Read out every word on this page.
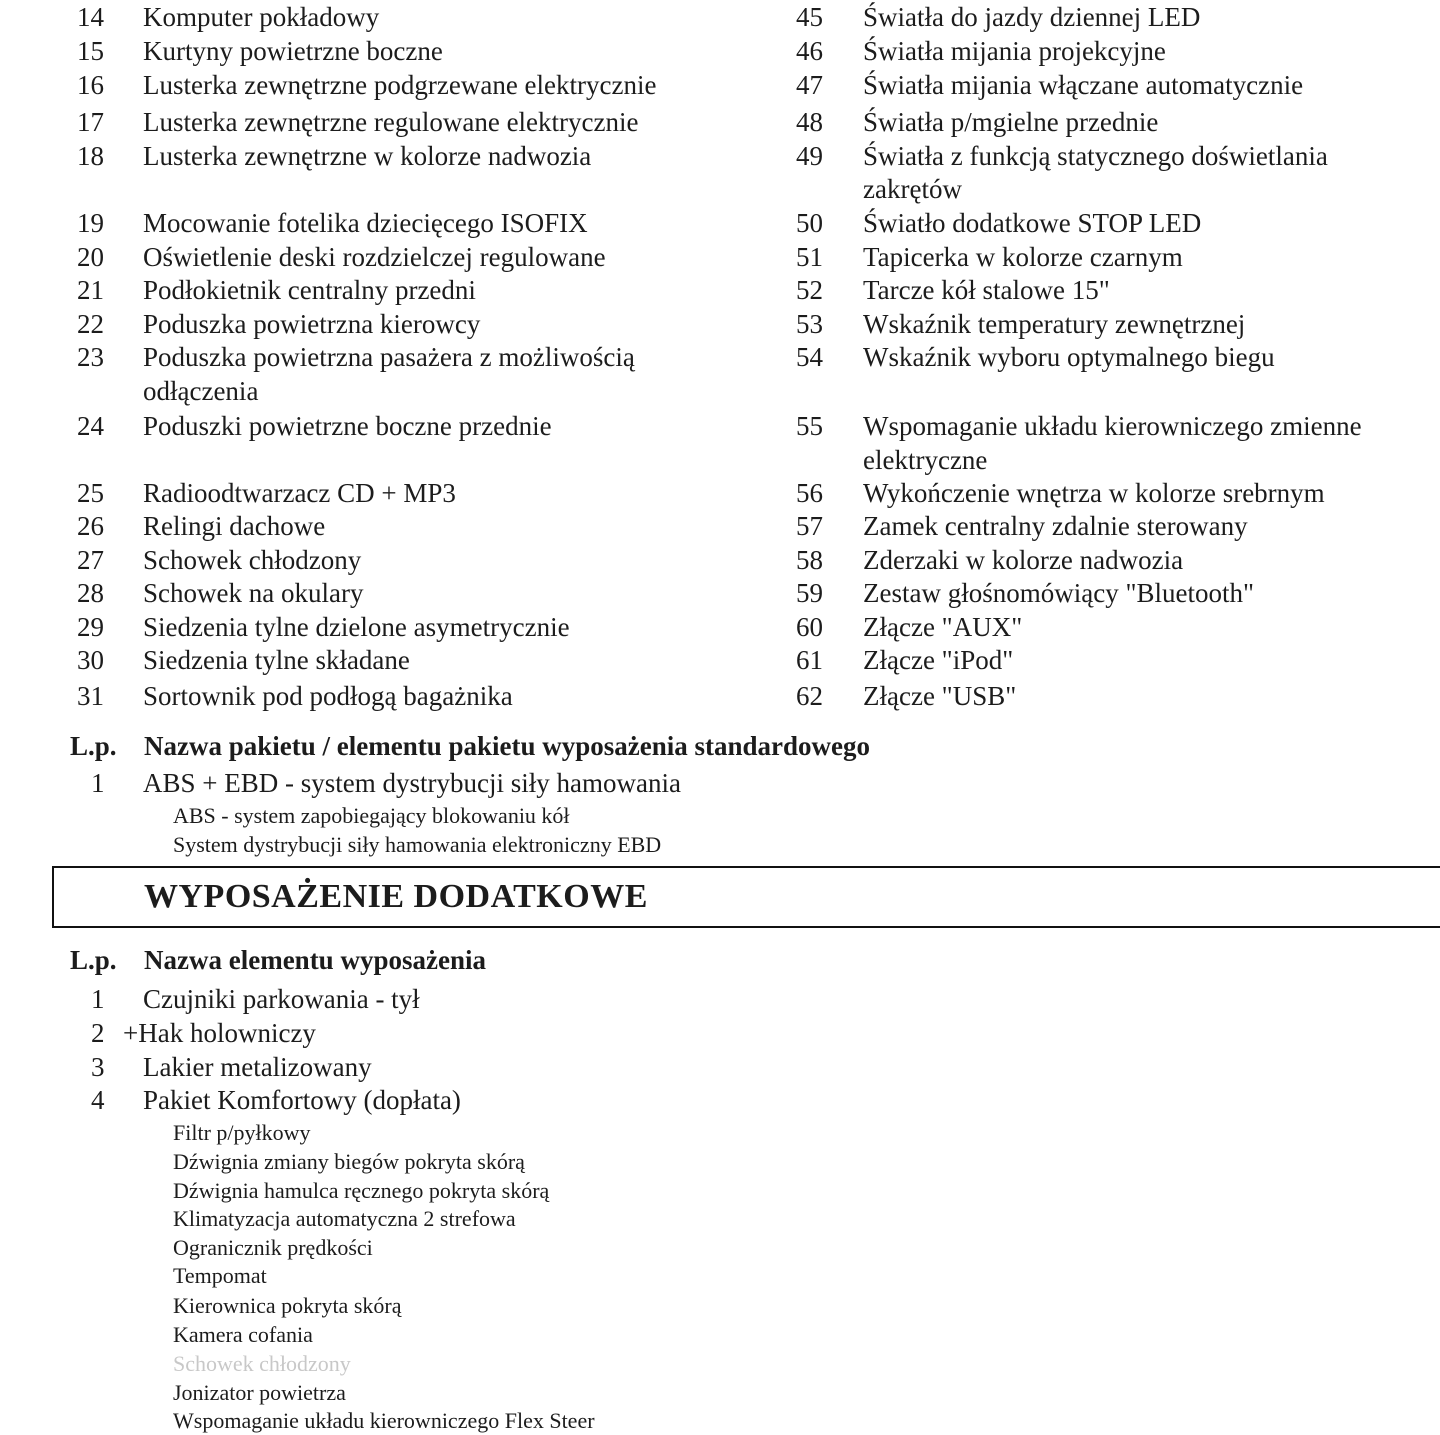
14 Komputer pokładowy
15 Kurtyny powietrzne boczne
16 Lusterka zewnętrzne podgrzewane elektrycznie
17 Lusterka zewnętrzne regulowane elektrycznie
18 Lusterka zewnętrzne w kolorze nadwozia
19 Mocowanie fotelika dziecięcego ISOFIX
20 Oświetlenie deski rozdzielczej regulowane
21 Podłokietnik centralny przedni
22 Poduszka powietrzna kierowcy
23 Poduszka powietrzna pasażera z możliwością
odłączenia
24 Poduszki powietrzne boczne przednie
25 Radioodtwarzacz CD + MP3
26 Relingi dachowe
27 Schowek chłodzony
28 Schowek na okulary
29 Siedzenia tylne dzielone asymetrycznie
30 Siedzenia tylne składane
31 Sortownik pod podłogą bagażnika
45 Światła do jazdy dziennej LED
46 Światła mijania projekcyjne
47 Światła mijania włączane automatycznie
48 Światła p/mgielne przednie
49 Światła z funkcją statycznego doświetlania
zakrętów
50 Światło dodatkowe STOP LED
51 Tapicerka w kolorze czarnym
52 Tarcze kół stalowe 15"
53 Wskaźnik temperatury zewnętrznej
54 Wskaźnik wyboru optymalnego biegu
55 Wspomaganie układu kierowniczego zmienne
elektryczne
56 Wykończenie wnętrza w kolorze srebrnym
57 Zamek centralny zdalnie sterowany
58 Zderzaki w kolorze nadwozia
59 Zestaw głośnomówiący "Bluetooth"
60 Złącze "AUX"
61 Złącze "iPod"
62 Złącze "USB"
L.p. Nazwa pakietu / elementu pakietu wyposażenia standardowego
1 ABS + EBD - system dystrybucji siły hamowania
ABS - system zapobiegający blokowaniu kół
System dystrybucji siły hamowania elektroniczny EBD
WYPOSAŻENIE DODATKOWE
L.p. Nazwa elementu wyposażenia
1 Czujniki parkowania - tył
2 +Hak holowniczy
3 Lakier metalizowany
4 Pakiet Komfortowy (dopłata)
Filtr p/pyłkowy
Dźwignia zmiany biegów pokryta skórą
Dźwignia hamulca ręcznego pokryta skórą
Klimatyzacja automatyczna 2 strefowa
Ogranicznik prędkości
Tempomat
Kierownica pokryta skórą
Kamera cofania
Schowek chłodzony
Jonizator powietrza
Wspomaganie układu kierowniczego Flex Steer
